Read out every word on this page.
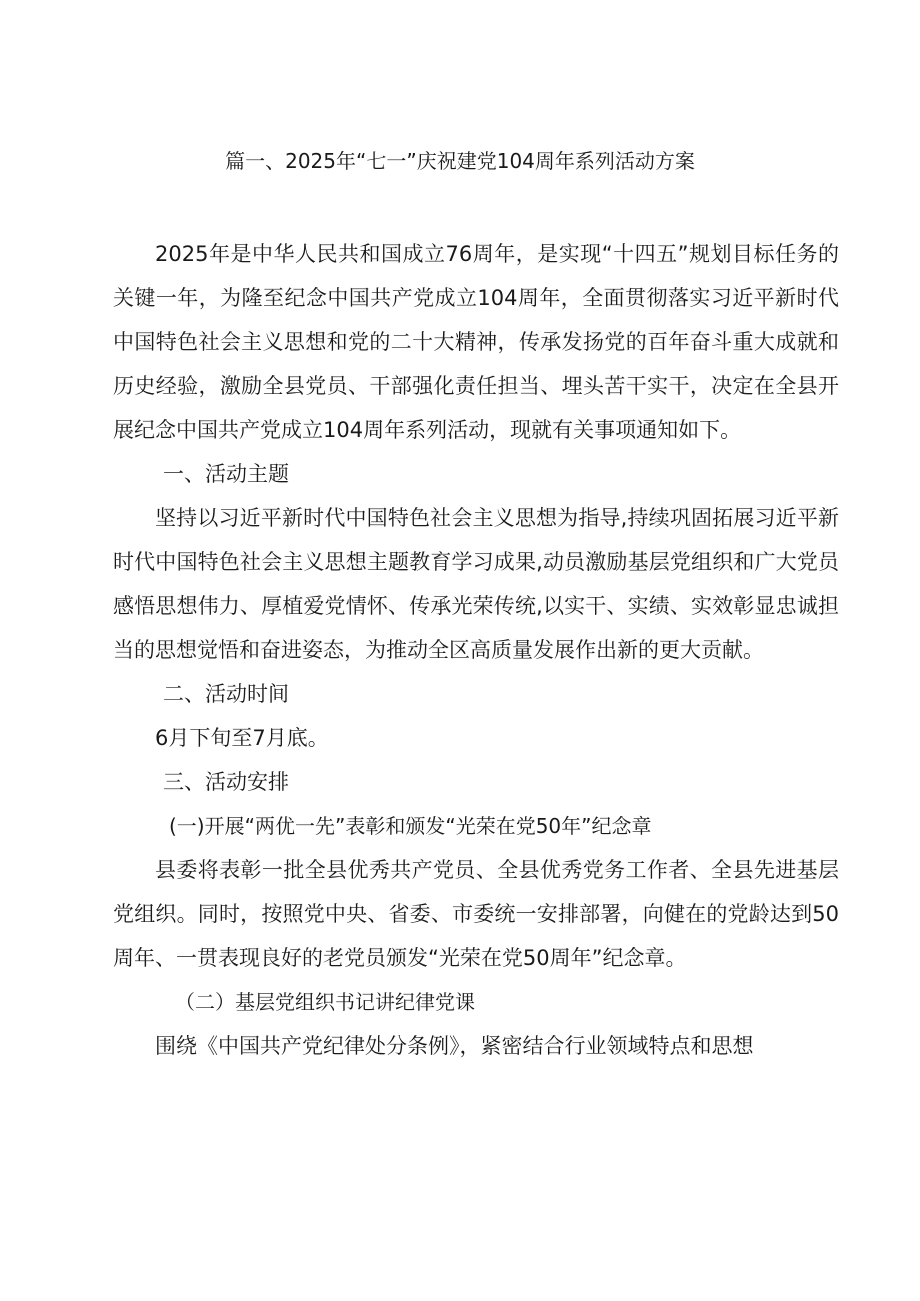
篇一、2025年“七一”庆祝建党104周年系列活动方案

2025年是中华人民共和国成立76周年，是实现“十四五”规划目标任务的关键一年，为隆至纪念中国共产党成立104周年，全面贯彻落实习近平新时代中国特色社会主义思想和党的二十大精神，传承发扬党的百年奋斗重大成就和历史经验，激励全县党员、干部强化责任担当、埋头苦干实干，决定在全县开展纪念中国共产党成立104周年系列活动，现就有关事项通知如下。

一、活动主题

坚持以习近平新时代中国特色社会主义思想为指导,持续巩固拓展习近平新时代中国特色社会主义思想主题教育学习成果,动员激励基层党组织和广大党员感悟思想伟力、厚植爱党情怀、传承光荣传统,以实干、实绩、实效彰显忠诚担当的思想觉悟和奋进姿态，为推动全区高质量发展作出新的更大贡献。

二、活动时间

6月下旬至7月底。

三、活动安排

(一)开展“两优一先”表彰和颁发“光荣在党50年”纪念章

县委将表彰一批全县优秀共产党员、全县优秀党务工作者、全县先进基层党组织。同时，按照党中央、省委、市委统一安排部署，向健在的党龄达到50周年、一贯表现良好的老党员颁发“光荣在党50周年”纪念章。

（二）基层党组织书记讲纪律党课

围绕《中国共产党纪律处分条例》，紧密结合行业领域特点和思想
